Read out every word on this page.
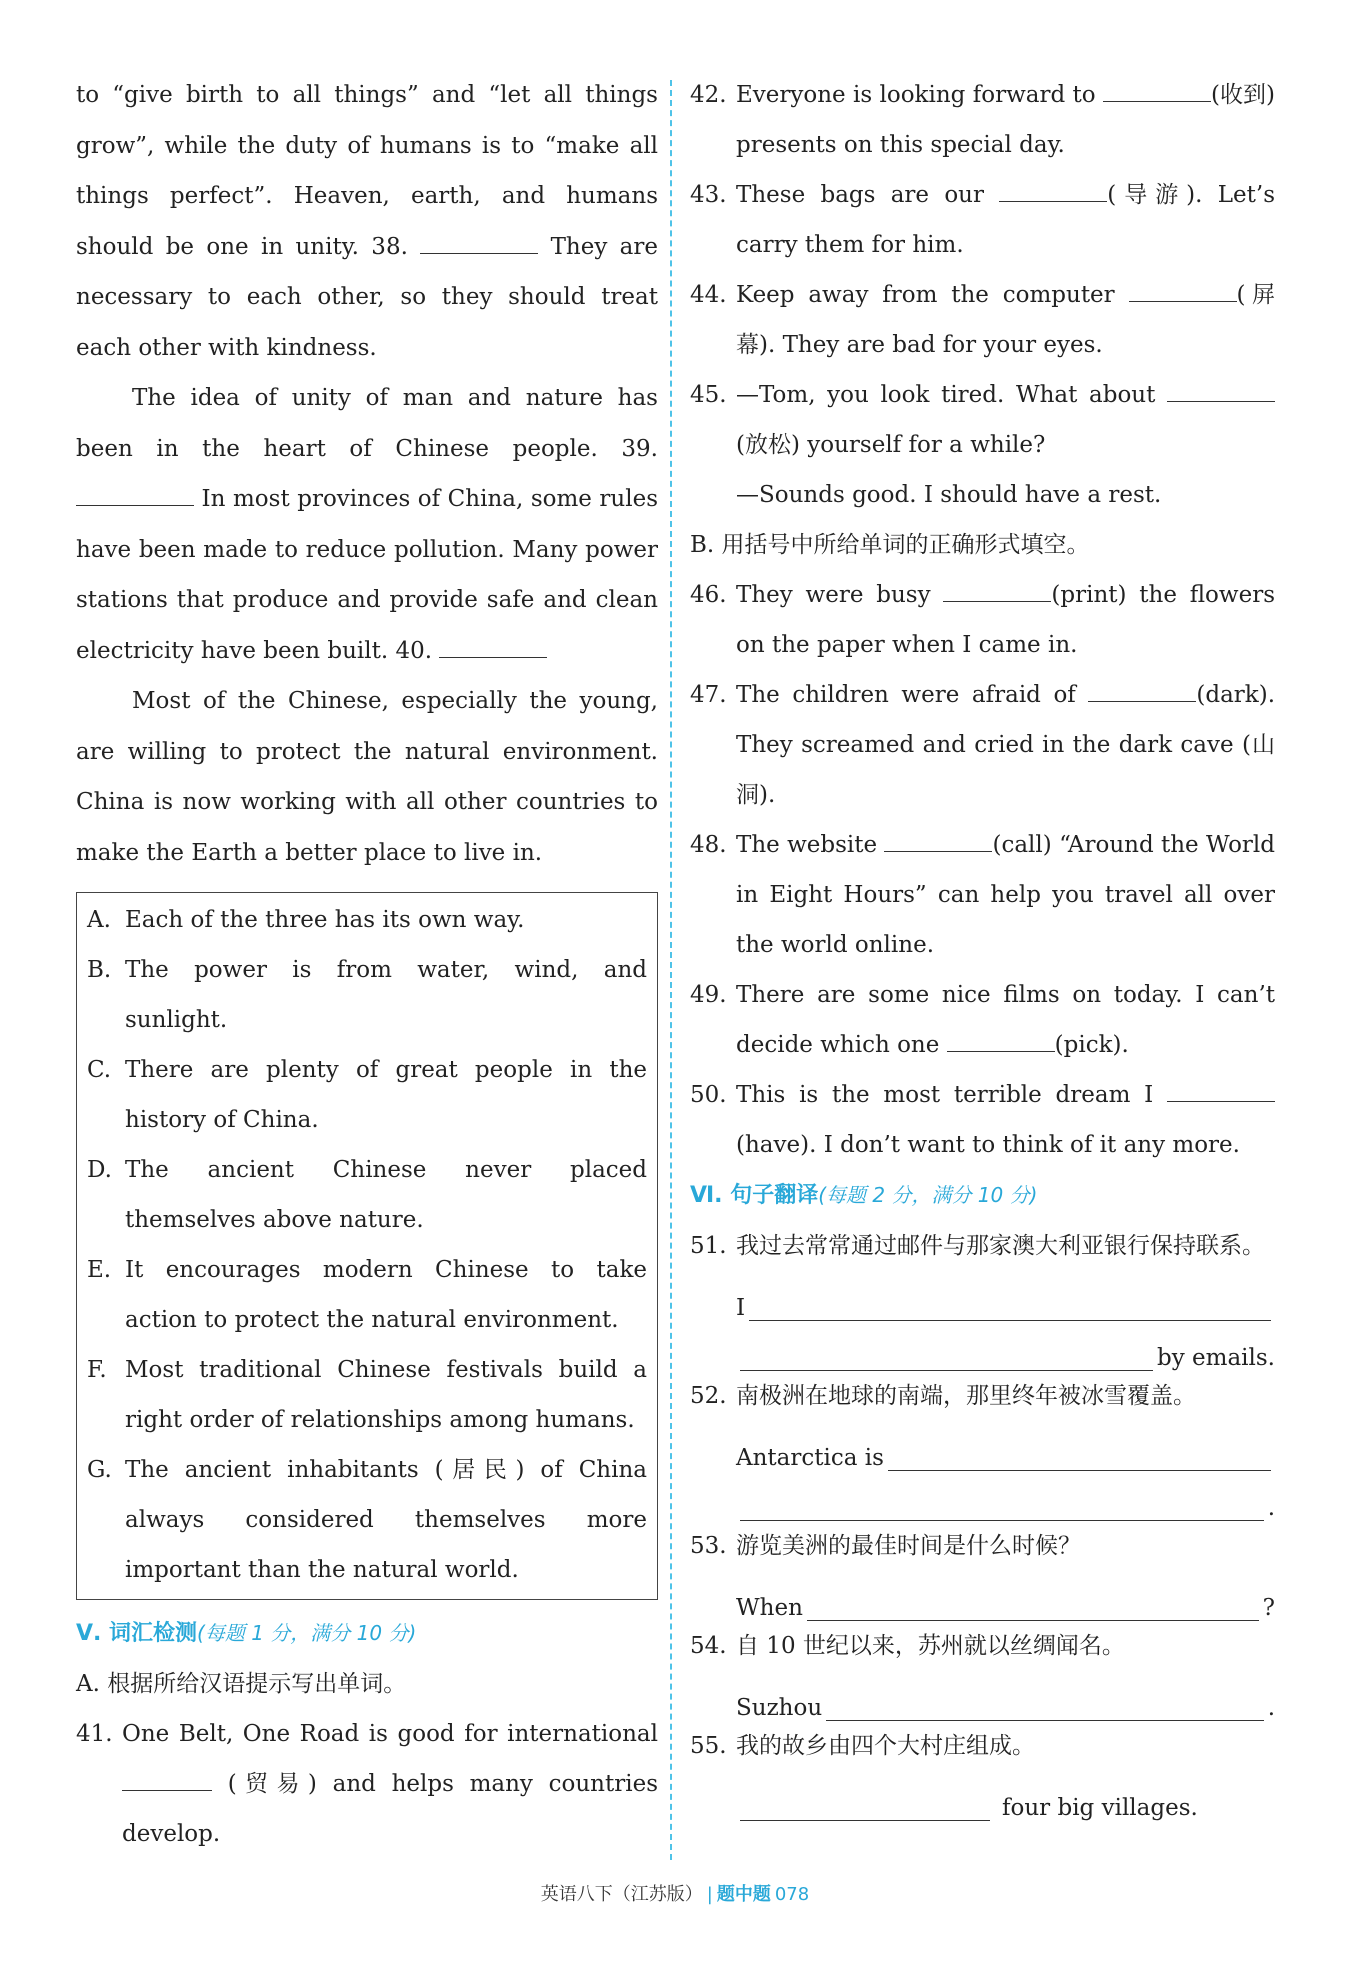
to “give birth to all things” and “let all things grow”, while the duty of humans is to “make all things perfect”. Heaven, earth, and humans should be one in unity. 38.	They are necessary to each other, so they should treat each other with kindness.

The idea of unity of man and nature has been in the heart of Chinese people. 39.  In most provinces of China, some rules have been made to reduce pollution. Many power stations that produce and provide safe and clean electricity have been built. 40.

Most of the Chinese, especially the young, are willing to protect the natural environment. China is now working with all other countries to make the Earth a better place to live in.

A. Each of the three has its own way.
B. The power is from water, wind, and sunlight.
C. There are plenty of great people in the history of China.
D. The ancient Chinese never placed themselves above nature.
E. It encourages modern Chinese to take action to protect the natural environment.
F. Most traditional Chinese festivals build a right order of relationships among humans.
G. The ancient inhabitants (居民) of China always considered themselves more important than the natural world.
Ⅴ. 词汇检测(每题 1 分，满分 10 分)
A. 根据所给汉语提示写出单词。
41. One Belt, One Road is good for international  (贸易) and helps many countries develop.
42. Everyone is looking forward to	(收到) presents on this special day.
43. These bags are our	(导游). Let’s carry them for him.
44. Keep away from the computer	(屏幕). They are bad for your eyes.
45. —Tom, you look tired. What about (放松) yourself for a while?
—Sounds good. I should have a rest.
B. 用括号中所给单词的正确形式填空。
46. They were busy	(print) the flowers on the paper when I came in.
47. The children were afraid of	(dark). They screamed and cried in the dark cave (山洞).
48. The website	(call) “Around the World in Eight Hours” can help you travel all over the world online.
49. There are some nice films on today. I can’t decide which one	(pick).
50. This is the most terrible dream I (have). I don’t want to think of it any more.
Ⅵ. 句子翻译(每题 2 分，满分 10 分)
51. 我过去常常通过邮件与那家澳大利亚银行保持联系。
I
by emails.
52. 南极洲在地球的南端，那里终年被冰雪覆盖。
Antarctica is
.
53. 游览美洲的最佳时间是什么时候？
When	?
54. 自 10 世纪以来，苏州就以丝绸闻名。
Suzhou	.
55. 我的故乡由四个大村庄组成。
four big villages.
英语八下（江苏版） | 题中题 078
